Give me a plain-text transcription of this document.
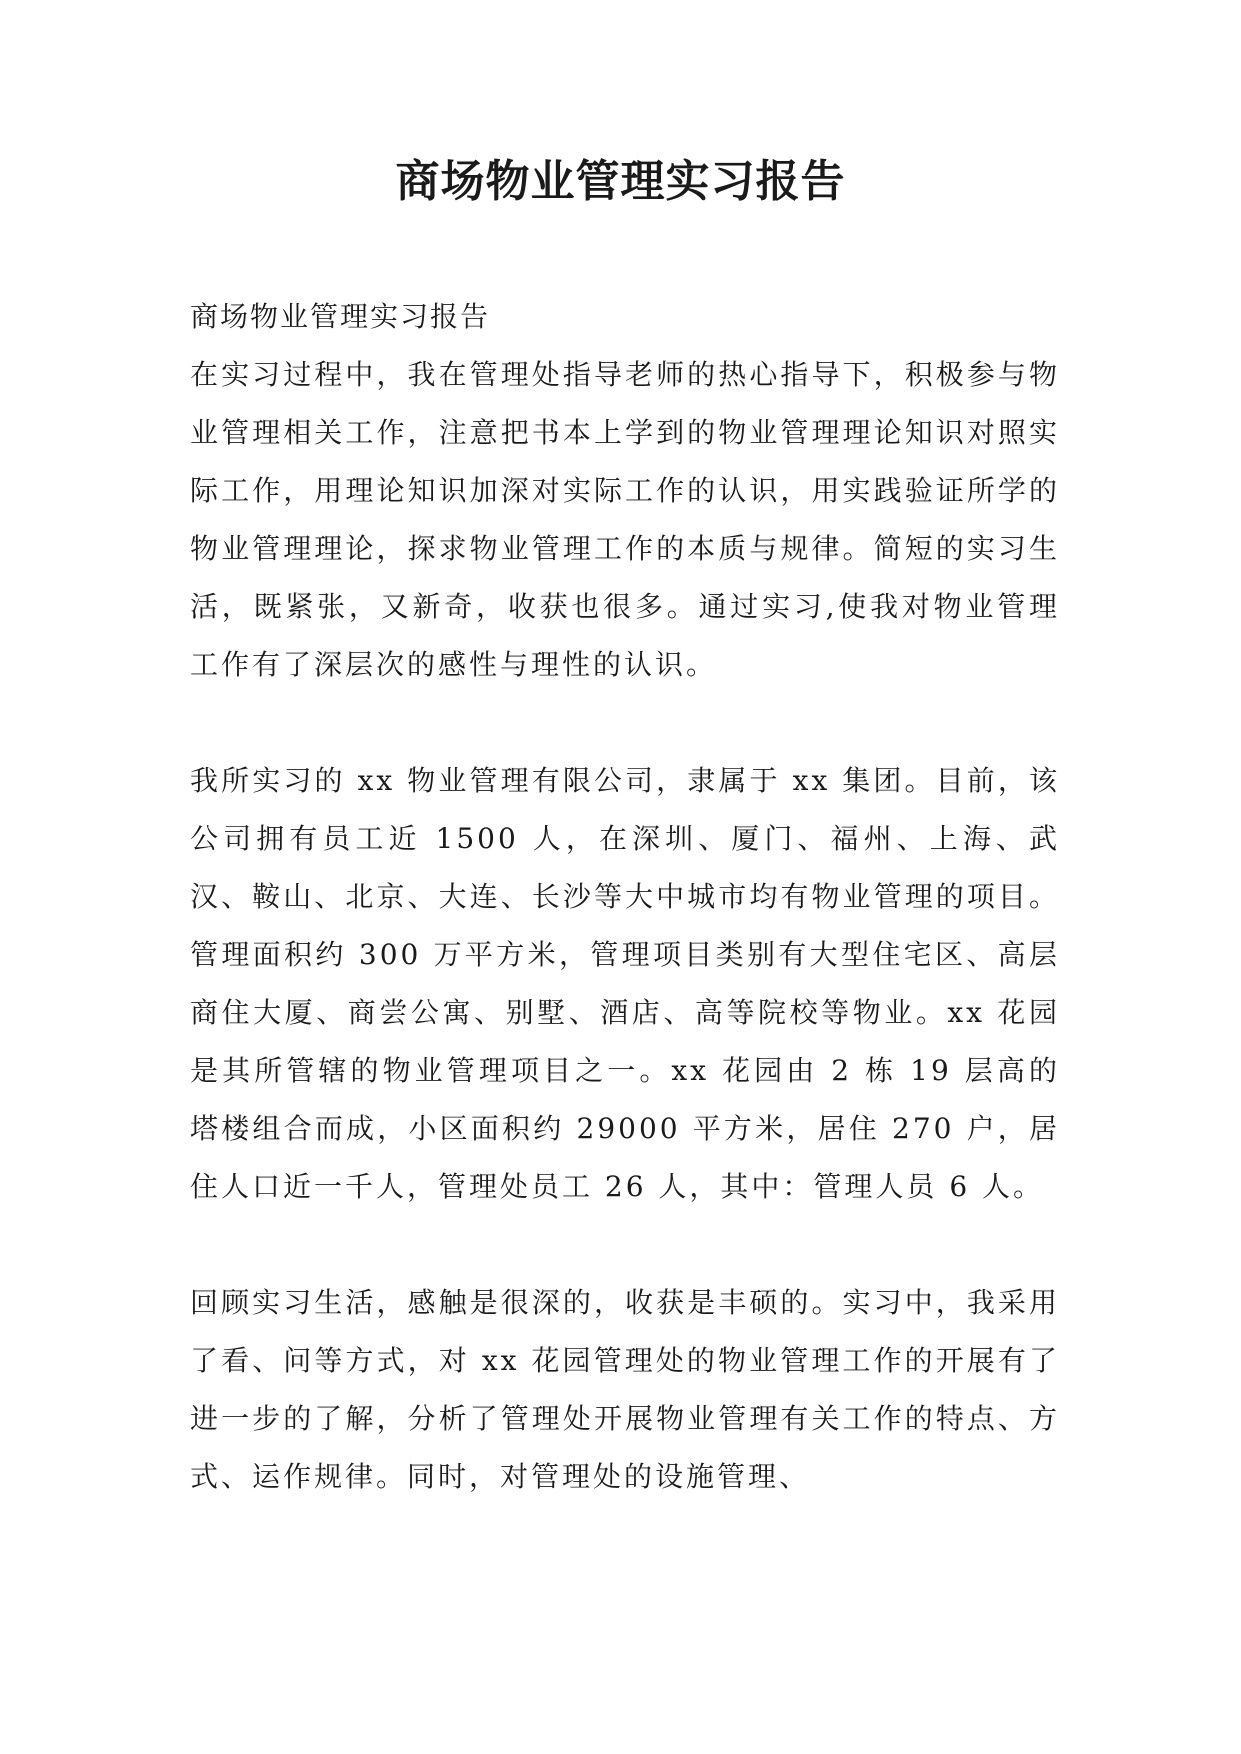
商场物业管理实习报告

商场物业管理实习报告

在实习过程中，我在管理处指导老师的热心指导下，积极参与物业管理相关工作，注意把书本上学到的物业管理理论知识对照实际工作，用理论知识加深对实际工作的认识，用实践验证所学的物业管理理论，探求物业管理工作的本质与规律。简短的实习生活，既紧张，又新奇，收获也很多。通过实习,使我对物业管理工作有了深层次的感性与理性的认识。

我所实习的 xx 物业管理有限公司，隶属于 xx 集团。目前，该公司拥有员工近 1500 人，在深圳、厦门、福州、上海、武汉、鞍山、北京、大连、长沙等大中城市均有物业管理的项目。管理面积约 300 万平方米，管理项目类别有大型住宅区、高层商住大厦、商尝公寓、别墅、酒店、高等院校等物业。xx 花园是其所管辖的物业管理项目之一。xx 花园由 2 栋 19 层高的塔楼组合而成，小区面积约 29000 平方米，居住 270 户，居住人口近一千人，管理处员工 26 人，其中：管理人员 6 人。

回顾实习生活，感触是很深的，收获是丰硕的。实习中，我采用了看、问等方式，对 xx 花园管理处的物业管理工作的开展有了进一步的了解，分析了管理处开展物业管理有关工作的特点、方式、运作规律。同时，对管理处的设施管理、
